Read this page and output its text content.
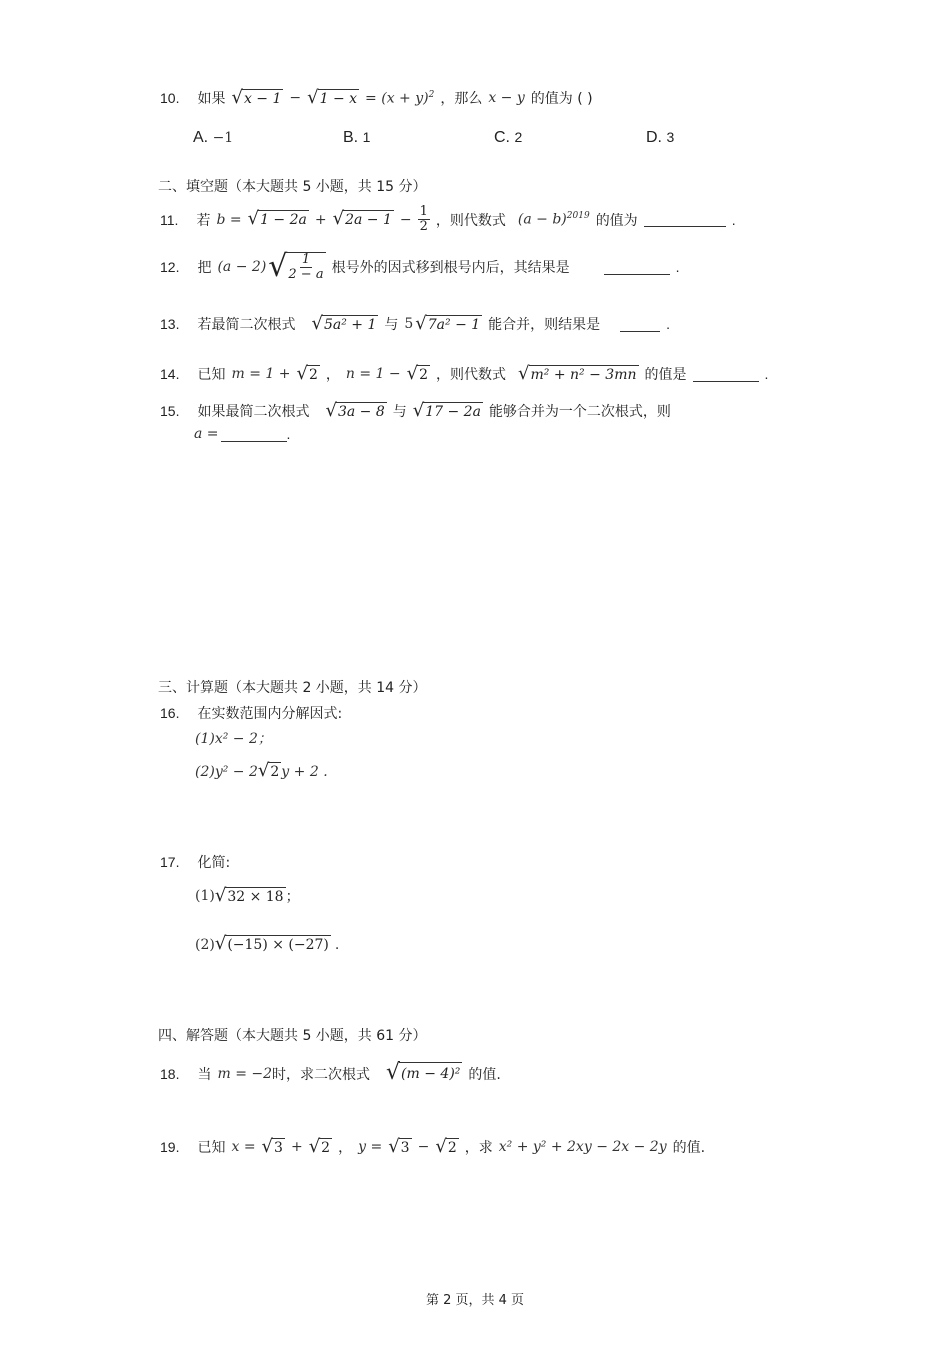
10. 如果 √ x − 1 − √ $1 - x = (x + y)^2$ ，那么 x − y 的值为 ( )
A. −1	B. 1	C. 2	D. 3
二、填空题（本大题共 5 小题，共 15 分）
11. 若 b = √ 1 − 2a + √ $2a - 1 - \frac{1}{2}$ ，则代数式 $(a - b)^{2019}$ 的值为	.
12. 把 (a − 2) √ $\frac{1}{2 - a}$ 根号外的因式移到根号内后，其结果是	.
13. 若最简二次根式 √ 5a² + 1 与 5 √ 7a² − 1 能合并，则结果是	.
14. 已知 m = 1 + √ 2 ， n = 1 − √ 2 ，则代数式 √ m² + n² − 3mn 的值是	.
15. 如果最简二次根式 √ 3a − 8 与 √ 17 − 2a 能够合并为一个二次根式，则
a =	.
三、计算题（本大题共 2 小题，共 14 分）
16. 在实数范围内分解因式:
(1)x² − 2；
(2)y² − 2 √ 2 y + 2 .
17. 化简:
(1) √ 32 × 18 ；
(2) √ (−15) × (−27) .
四、解答题（本大题共 5 小题，共 61 分）
18. 当 m = −2 时，求二次根式 √ (m − 4)² 的值.
19. 已知 x = √ 3 + √ 2 ， y = √ 3 − √ 2 ，求 x² + y² + 2xy − 2x − 2y 的值.
第 2 页，共 4 页
